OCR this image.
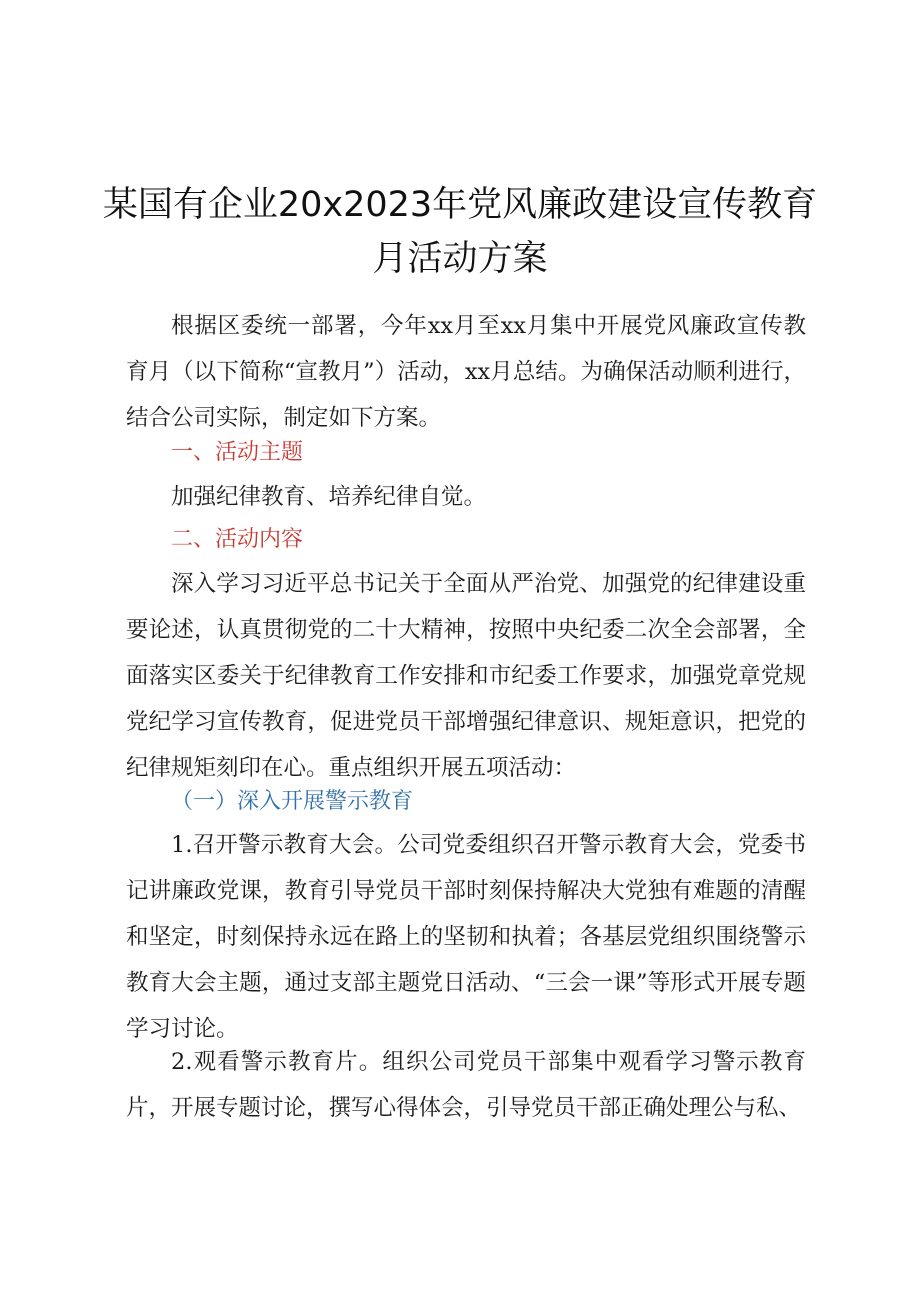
某国有企业20x2023年党风廉政建设宣传教育月活动方案

根据区委统一部署，今年xx月至xx月集中开展党风廉政宣传教育月（以下简称“宣教月”）活动，xx月总结。为确保活动顺利进行，结合公司实际，制定如下方案。

一、活动主题

加强纪律教育、培养纪律自觉。

二、活动内容

深入学习习近平总书记关于全面从严治党、加强党的纪律建设重要论述，认真贯彻党的二十大精神，按照中央纪委二次全会部署，全面落实区委关于纪律教育工作安排和市纪委工作要求，加强党章党规党纪学习宣传教育，促进党员干部增强纪律意识、规矩意识，把党的纪律规矩刻印在心。重点组织开展五项活动：

（一）深入开展警示教育

1.召开警示教育大会。公司党委组织召开警示教育大会，党委书记讲廉政党课，教育引导党员干部时刻保持解决大党独有难题的清醒和坚定，时刻保持永远在路上的坚韧和执着；各基层党组织围绕警示教育大会主题，通过支部主题党日活动、“三会一课”等形式开展专题学习讨论。

2.观看警示教育片。组织公司党员干部集中观看学习警示教育片，开展专题讨论，撰写心得体会，引导党员干部正确处理公与私、
